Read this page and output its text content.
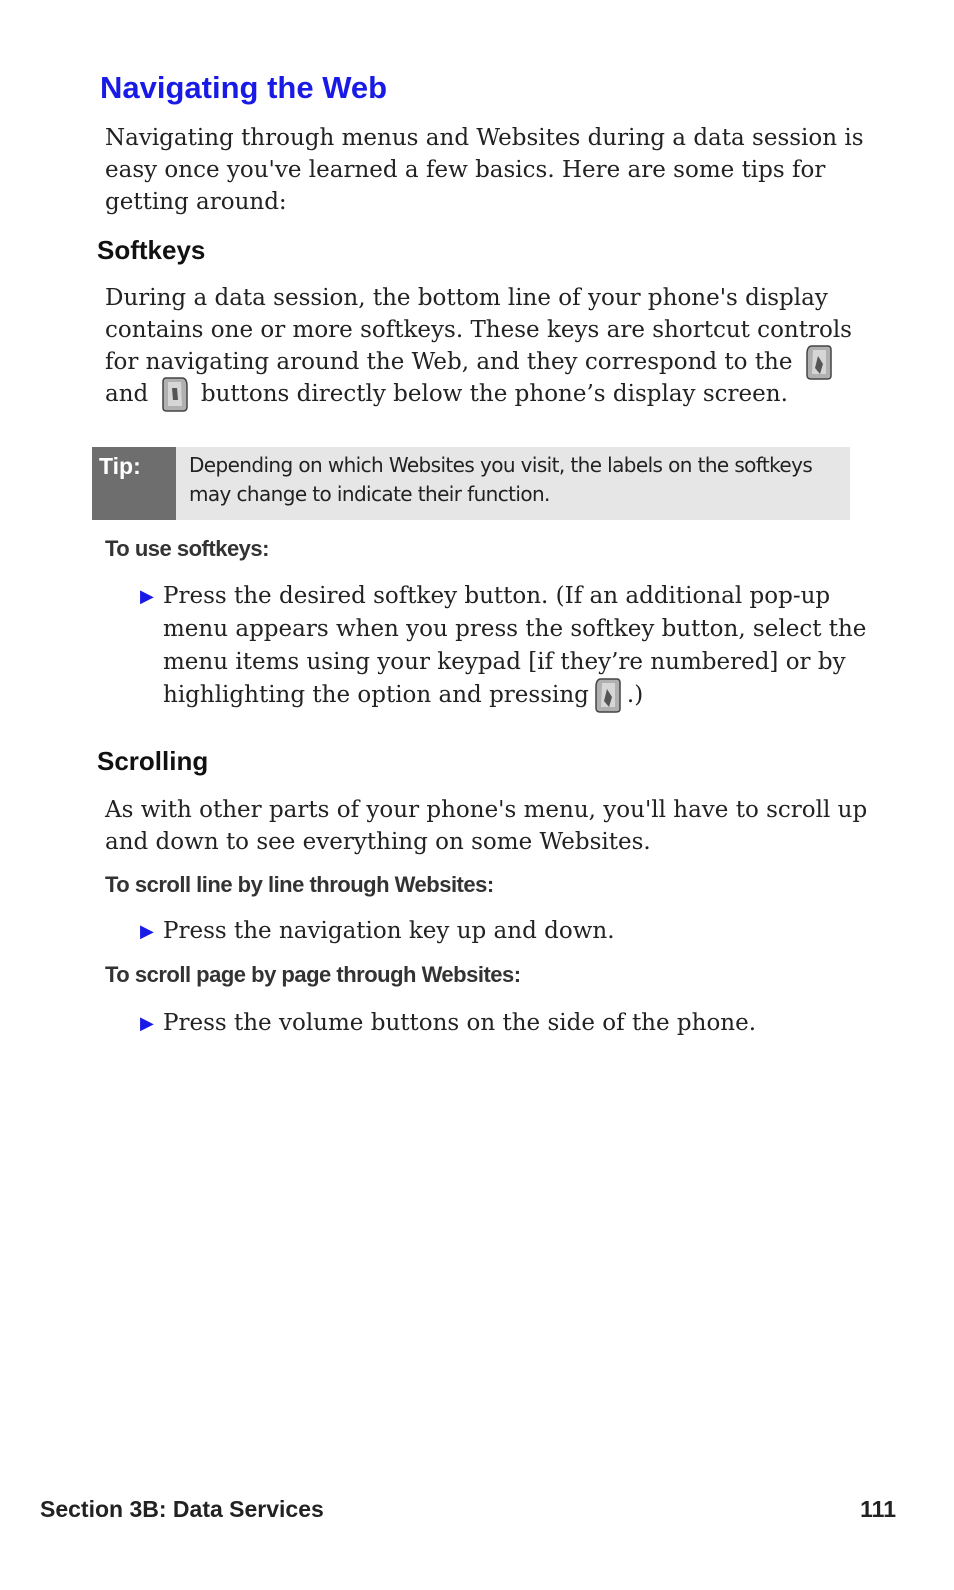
Navigating the Web

Navigating through menus and Websites during a data session is easy once you've learned a few basics. Here are some tips for getting around:

Softkeys

During a data session, the bottom line of your phone's display contains one or more softkeys. These keys are shortcut controls for navigating around the Web, and they correspond to the  and buttons directly below the phone’s display screen.

Tip: Depending on which Websites you visit, the labels on the softkeys may change to indicate their function.
To use softkeys:
▶ Press the desired softkey button. (If an additional pop-up menu appears when you press the softkey button, select the menu items using your keypad [if they’re numbered] or by highlighting the option and pressing .)
Scrolling

As with other parts of your phone's menu, you'll have to scroll up and down to see everything on some Websites.

To scroll line by line through Websites:
▶ Press the navigation key up and down.
To scroll page by page through Websites:
▶ Press the volume buttons on the side of the phone.
Section 3B: Data Services	111
